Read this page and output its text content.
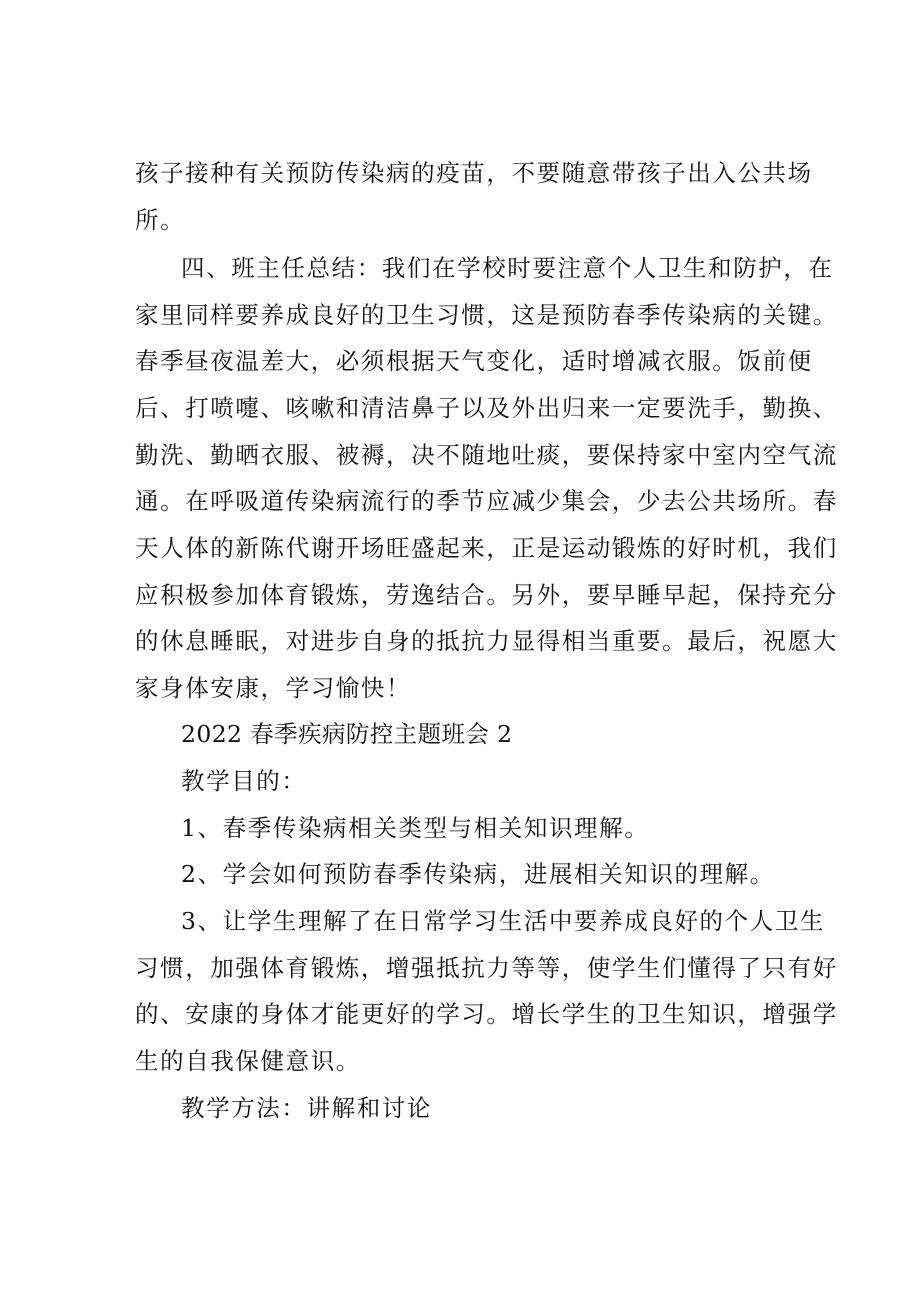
孩子接种有关预防传染病的疫苗，不要随意带孩子出入公共场
所。
四、班主任总结：我们在学校时要注意个人卫生和防护，在
家里同样要养成良好的卫生习惯，这是预防春季传染病的关键。
春季昼夜温差大，必须根据天气变化，适时增减衣服。饭前便
后、打喷嚏、咳嗽和清洁鼻子以及外出归来一定要洗手，勤换、
勤洗、勤晒衣服、被褥，决不随地吐痰，要保持家中室内空气流
通。在呼吸道传染病流行的季节应减少集会，少去公共场所。春
天人体的新陈代谢开场旺盛起来，正是运动锻炼的好时机，我们
应积极参加体育锻炼，劳逸结合。另外，要早睡早起，保持充分
的休息睡眠，对进步自身的抵抗力显得相当重要。最后，祝愿大
家身体安康，学习愉快！
2022 春季疾病防控主题班会 2
教学目的：
1、春季传染病相关类型与相关知识理解。
2、学会如何预防春季传染病，进展相关知识的理解。
3、让学生理解了在日常学习生活中要养成良好的个人卫生
习惯，加强体育锻炼，增强抵抗力等等，使学生们懂得了只有好
的、安康的身体才能更好的学习。增长学生的卫生知识，增强学
生的自我保健意识。
教学方法：讲解和讨论
